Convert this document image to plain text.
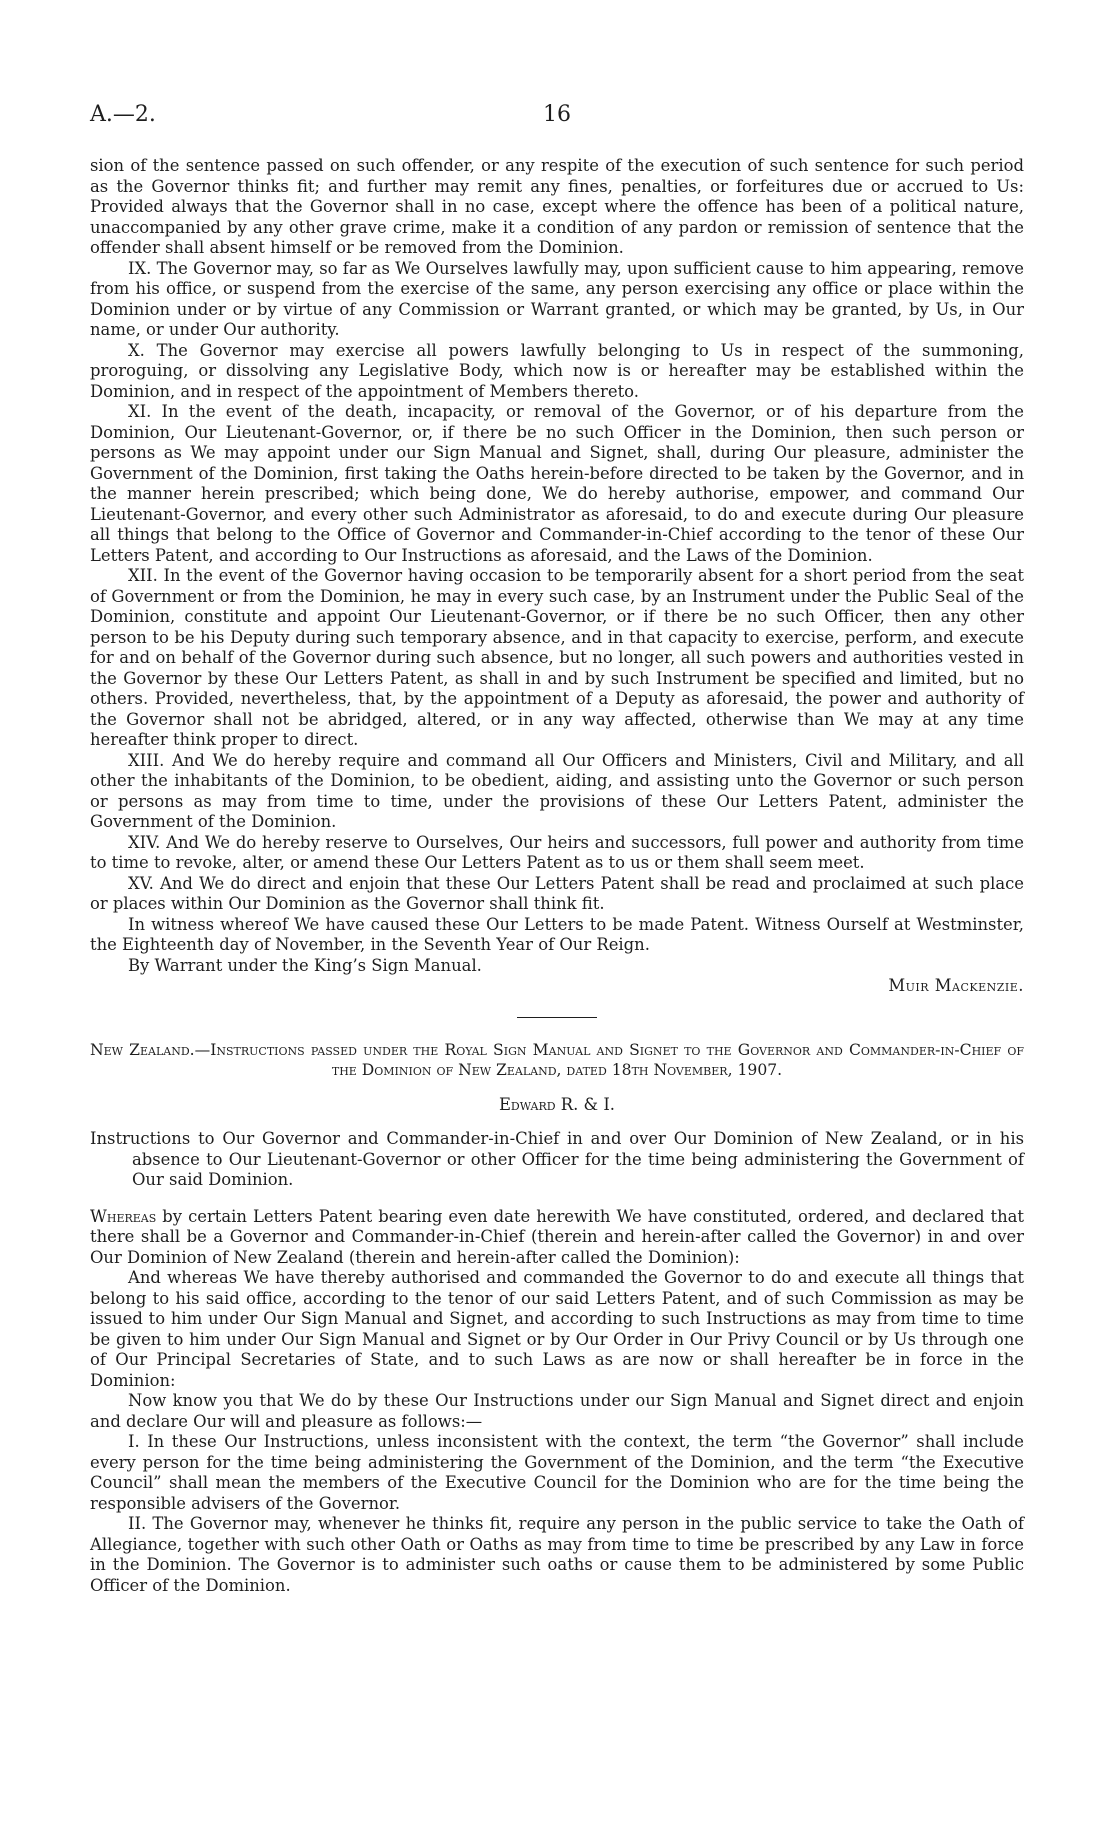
A.—2.	16

sion of the sentence passed on such offender, or any respite of the execution of such sentence for such period as the Governor thinks fit; and further may remit any fines, penalties, or forfeitures due or accrued to Us: Provided always that the Governor shall in no case, except where the offence has been of a political nature, unaccompanied by any other grave crime, make it a condition of any pardon or remission of sentence that the offender shall absent himself or be removed from the Dominion.

IX. The Governor may, so far as We Ourselves lawfully may, upon sufficient cause to him appearing, remove from his office, or suspend from the exercise of the same, any person exercising any office or place within the Dominion under or by virtue of any Commission or Warrant granted, or which may be granted, by Us, in Our name, or under Our authority.

X. The Governor may exercise all powers lawfully belonging to Us in respect of the summoning, proroguing, or dissolving any Legislative Body, which now is or hereafter may be established within the Dominion, and in respect of the appointment of Members thereto.

XI. In the event of the death, incapacity, or removal of the Governor, or of his departure from the Dominion, Our Lieutenant-Governor, or, if there be no such Officer in the Dominion, then such person or persons as We may appoint under our Sign Manual and Signet, shall, during Our pleasure, administer the Government of the Dominion, first taking the Oaths herein-before directed to be taken by the Governor, and in the manner herein prescribed; which being done, We do hereby authorise, empower, and command Our Lieutenant-Governor, and every other such Administrator as aforesaid, to do and execute during Our pleasure all things that belong to the Office of Governor and Commander-in-Chief according to the tenor of these Our Letters Patent, and according to Our Instructions as aforesaid, and the Laws of the Dominion.

XII. In the event of the Governor having occasion to be temporarily absent for a short period from the seat of Government or from the Dominion, he may in every such case, by an Instrument under the Public Seal of the Dominion, constitute and appoint Our Lieutenant-Governor, or if there be no such Officer, then any other person to be his Deputy during such temporary absence, and in that capacity to exercise, perform, and execute for and on behalf of the Governor during such absence, but no longer, all such powers and authorities vested in the Governor by these Our Letters Patent, as shall in and by such Instrument be specified and limited, but no others. Provided, nevertheless, that, by the appointment of a Deputy as aforesaid, the power and authority of the Governor shall not be abridged, altered, or in any way affected, otherwise than We may at any time hereafter think proper to direct.

XIII. And We do hereby require and command all Our Officers and Ministers, Civil and Military, and all other the inhabitants of the Dominion, to be obedient, aiding, and assisting unto the Governor or such person or persons as may from time to time, under the provisions of these Our Letters Patent, administer the Government of the Dominion.

XIV. And We do hereby reserve to Ourselves, Our heirs and successors, full power and authority from time to time to revoke, alter, or amend these Our Letters Patent as to us or them shall seem meet.

XV. And We do direct and enjoin that these Our Letters Patent shall be read and proclaimed at such place or places within Our Dominion as the Governor shall think fit.

In witness whereof We have caused these Our Letters to be made Patent. Witness Ourself at Westminster, the Eighteenth day of November, in the Seventh Year of Our Reign.

By Warrant under the King’s Sign Manual.

Muir Mackenzie.

New Zealand.—Instructions passed under the Royal Sign Manual and Signet to the Governor and Commander-in-Chief of the Dominion of New Zealand, dated 18th November, 1907.

Edward R. & I.

Instructions to Our Governor and Commander-in-Chief in and over Our Dominion of New Zealand, or in his absence to Our Lieutenant-Governor or other Officer for the time being administering the Government of Our said Dominion.

Whereas by certain Letters Patent bearing even date herewith We have constituted, ordered, and declared that there shall be a Governor and Commander-in-Chief (therein and herein-after called the Governor) in and over Our Dominion of New Zealand (therein and herein-after called the Dominion):

And whereas We have thereby authorised and commanded the Governor to do and execute all things that belong to his said office, according to the tenor of our said Letters Patent, and of such Commission as may be issued to him under Our Sign Manual and Signet, and according to such Instructions as may from time to time be given to him under Our Sign Manual and Signet or by Our Order in Our Privy Council or by Us through one of Our Principal Secretaries of State, and to such Laws as are now or shall hereafter be in force in the Dominion:

Now know you that We do by these Our Instructions under our Sign Manual and Signet direct and enjoin and declare Our will and pleasure as follows:—

I. In these Our Instructions, unless inconsistent with the context, the term “the Governor” shall include every person for the time being administering the Government of the Dominion, and the term “the Executive Council” shall mean the members of the Executive Council for the Dominion who are for the time being the responsible advisers of the Governor.

II. The Governor may, whenever he thinks fit, require any person in the public service to take the Oath of Allegiance, together with such other Oath or Oaths as may from time to time be prescribed by any Law in force in the Dominion. The Governor is to administer such oaths or cause them to be administered by some Public Officer of the Dominion.
